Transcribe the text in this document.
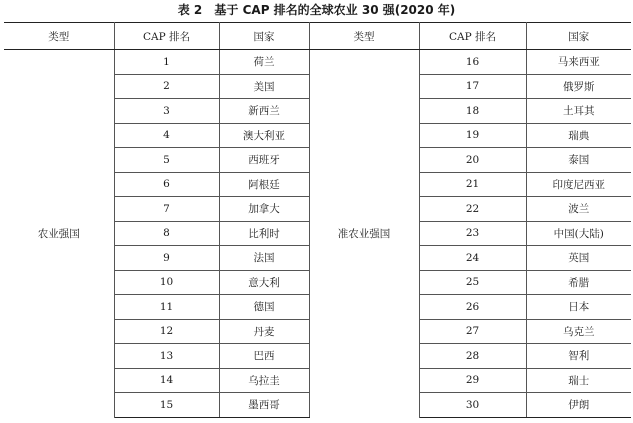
表 2 基于 CAP 排名的全球农业 30 强(2020 年)
类型	CAP 排名	国家	类型	CAP 排名	国家
农业强国	1	荷兰	准农业强国	16	马来西亚
	2	美国		17	俄罗斯
	3	新西兰		18	土耳其
	4	澳大利亚		19	瑞典
	5	西班牙		20	泰国
	6	阿根廷		21	印度尼西亚
	7	加拿大		22	波兰
	8	比利时		23	中国(大陆)
	9	法国		24	英国
	10	意大利		25	希腊
	11	德国		26	日本
	12	丹麦		27	乌克兰
	13	巴西		28	智利
	14	乌拉圭		29	瑞士
	15	墨西哥		30	伊朗
